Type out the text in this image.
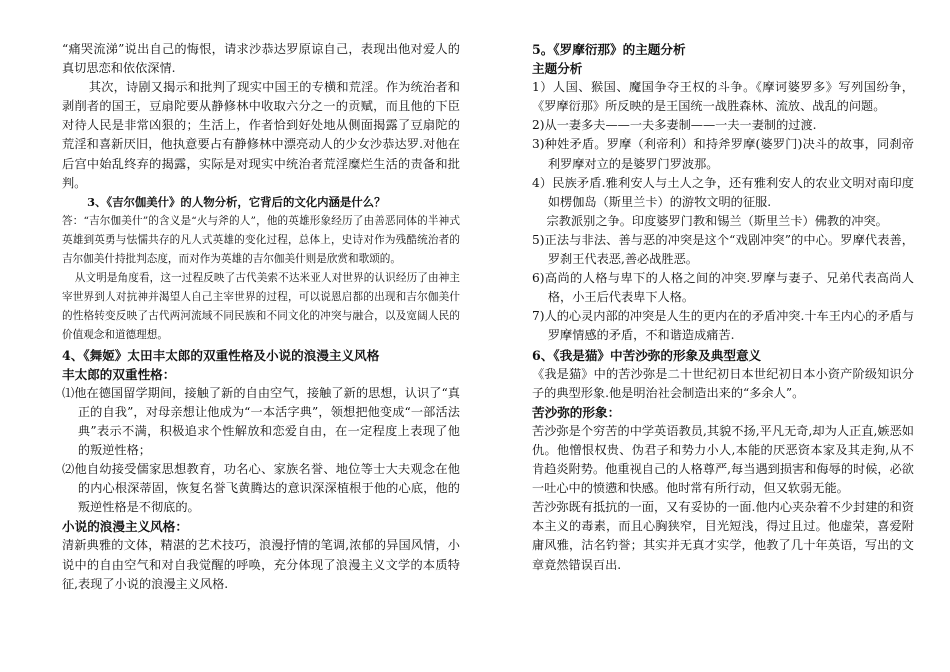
“痛哭流涕”说出自己的悔恨，请求沙恭达罗原谅自己，表现出他对爱人的真切思恋和依依深情.

其次，诗剧又揭示和批判了现实中国王的专横和荒淫。作为统治者和剥削者的国王，豆扇陀要从静修林中收取六分之一的贡赋，而且他的下臣对待人民是非常凶狠的；生活上，作者恰到好处地从侧面揭露了豆扇陀的荒淫和喜新厌旧，他执意要占有静修林中漂亮动人的少女沙恭达罗.对他在后宫中始乱终弃的揭露，实际是对现实中统治者荒淫糜烂生活的责备和批判。

3、《吉尔伽美什》的人物分析，它背后的文化内涵是什么？

答：“吉尔伽美什”的含义是“火与斧的人”，他的英雄形象经历了由善恶同体的半神式英雄到英勇与怯懦共存的凡人式英雄的变化过程，总体上，史诗对作为残酷统治者的吉尔伽美什持批判态度，而对作为英雄的吉尔伽美什则是欣赏和歌颂的。

从文明是角度看，这一过程反映了古代美索不达米亚人对世界的认识经历了由神主宰世界到人对抗神并渴望人自己主宰世界的过程，可以说恩启都的出现和吉尔伽美什的性格转变反映了古代两河流域不同民族和不同文化的冲突与融合，以及宽阔人民的价值观念和道德理想。

4、《舞姬》太田丰太郎的双重性格及小说的浪漫主义风格

丰太郎的双重性格：

⑴他在德国留学期间，接触了新的自由空气，接触了新的思想，认识了“真正的自我”，对母亲想让他成为“一本活字典”，领想把他变成“一部活法典”表示不满，积极追求个性解放和恋爱自由，在一定程度上表现了他的叛逆性格；

⑵他自幼接受儒家思想教育，功名心、家族名誉、地位等士大夫观念在他的内心根深蒂固，恢复名誉飞黄腾达的意识深深植根于他的心底，他的叛逆性格是不彻底的。

小说的浪漫主义风格：

清新典雅的文体，精湛的艺术技巧，浪漫抒情的笔调,浓郁的异国风情，小说中的自由空气和对自我觉醒的呼唤，充分体现了浪漫主义文学的本质特征,表现了小说的浪漫主义风格.

5。《罗摩衍那》的主题分析

主题分析

1）人国、猴国、魔国争夺王权的斗争。《摩诃婆罗多》写列国纷争，《罗摩衍那》所反映的是王国统一战胜森林、流放、战乱的问题。

2)从一妻多夫——一夫多妻制——一夫一妻制的过渡.

3)种姓矛盾。罗摩（利帝利）和持斧罗摩(婆罗门)决斗的故事，同刹帝利罗摩对立的是婆罗门罗波那。

4）民族矛盾.雅利安人与土人之争，还有雅利安人的农业文明对南印度如楞伽岛（斯里兰卡）的游牧文明的征服.

宗教派别之争。印度婆罗门教和锡兰（斯里兰卡）佛教的冲突。

5)正法与非法、善与恶的冲突是这个“戏剧冲突”的中心。罗摩代表善，罗刹王代表恶,善必战胜恶。

6)高尚的人格与卑下的人格之间的冲突.罗摩与妻子、兄弟代表高尚人格，小王后代表卑下人格。

7)人的心灵内部的冲突是人生的更内在的矛盾冲突.十车王内心的矛盾与罗摩情感的矛盾，不和谐造成痛苦.

6、《我是猫》中苦沙弥的形象及典型意义

《我是猫》中的苦沙弥是二十世纪初日本世纪初日本小资产阶级知识分子的典型形象.他是明治社会制造出来的“多余人”。

苦沙弥的形象：

苦沙弥是个穷苦的中学英语教员,其貌不扬,平凡无奇,却为人正直,嫉恶如仇。他憎恨权贵、伪君子和势力小人,本能的厌恶资本家及其走狗,从不肯趋炎附势。他重视自己的人格尊严,每当遇到损害和侮辱的时候，必欲一吐心中的愤懑和快感。他时常有所行动，但又软弱无能。

苦沙弥既有抵抗的一面，又有妥协的一面.他内心夹杂着不少封建的和资本主义的毒素，而且心胸狭窄，目光短浅，得过且过。他虚荣，喜爱附庸风雅，沽名钓誉；其实并无真才实学，他教了几十年英语，写出的文章竟然错误百出.
